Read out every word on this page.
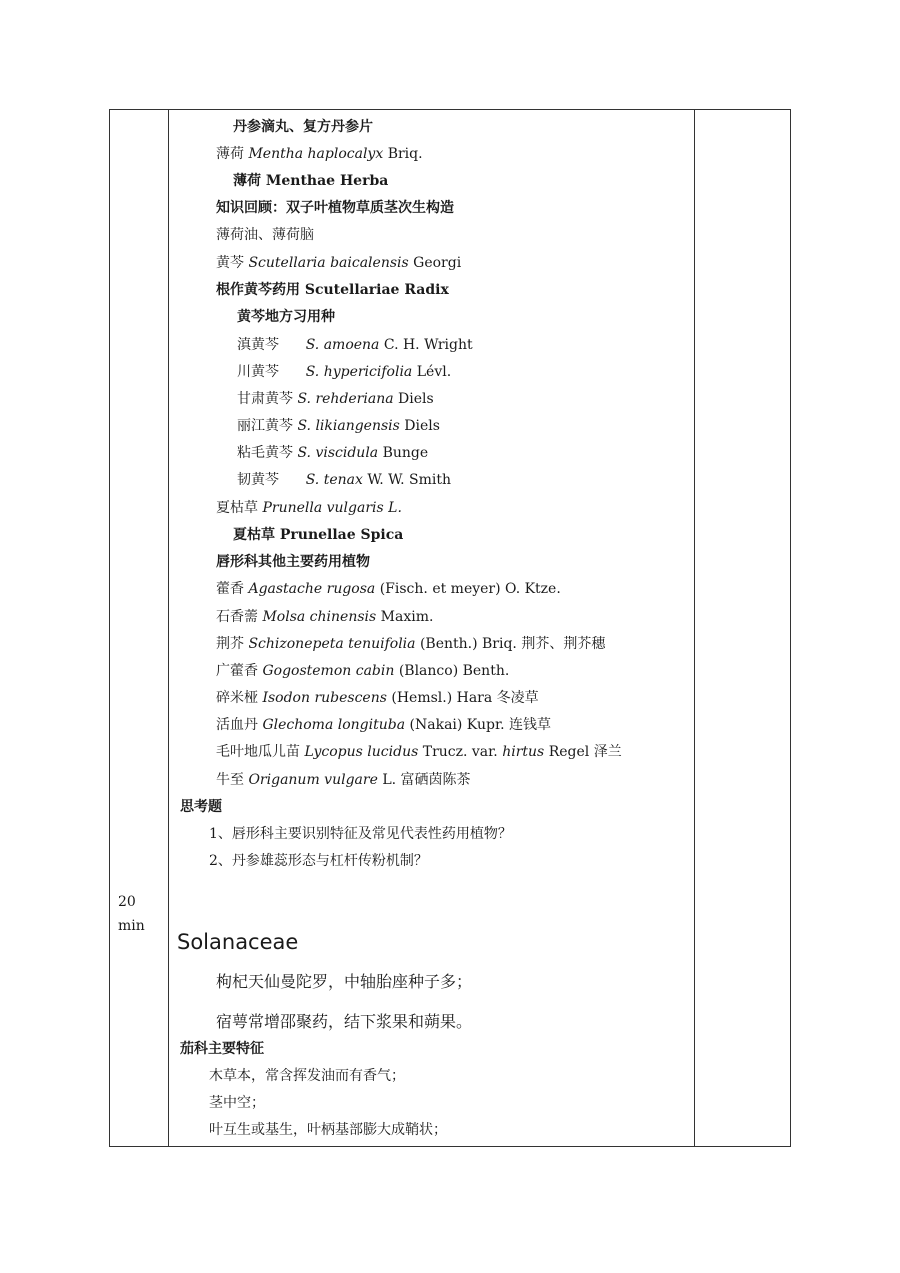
20
min
丹参滴丸、复方丹参片
薄荷 Mentha haplocalyx Briq.
薄荷 Menthae Herba
知识回顾：双子叶植物草质茎次生构造
薄荷油、薄荷脑
黄芩 Scutellaria baicalensis Georgi
根作黄芩药用 Scutellariae Radix
黄芩地方习用种
滇黄芩 S. amoena C. H. Wright
川黄芩 S. hypericifolia Lévl.
甘肃黄芩 S. rehderiana Diels
丽江黄芩 S. likiangensis Diels
粘毛黄芩 S. viscidula Bunge
韧黄芩 S. tenax W. W. Smith
夏枯草 Prunella vulgaris L.
夏枯草 Prunellae Spica
唇形科其他主要药用植物
藿香 Agastache rugosa (Fisch. et meyer) O. Ktze.
石香薷 Molsa chinensis Maxim.
荆芥 Schizonepeta tenuifolia (Benth.) Briq. 荆芥、荆芥穗
广藿香 Gogostemon cabin (Blanco) Benth.
碎米桠 Isodon rubescens (Hemsl.) Hara 冬凌草
活血丹 Glechoma longituba (Nakai) Kupr. 连钱草
毛叶地瓜儿苗 Lycopus lucidus Trucz. var. hirtus Regel 泽兰
牛至 Origanum vulgare L. 富硒茵陈茶
思考题
1、唇形科主要识别特征及常见代表性药用植物？
2、丹参雄蕊形态与杠杆传粉机制？
Solanaceae
枸杞天仙曼陀罗，中轴胎座种子多；
宿萼常增邵聚药，结下浆果和蒴果。
茄科主要特征
木草本，常含挥发油而有香气；
茎中空；
叶互生或基生，叶柄基部膨大成鞘状；
